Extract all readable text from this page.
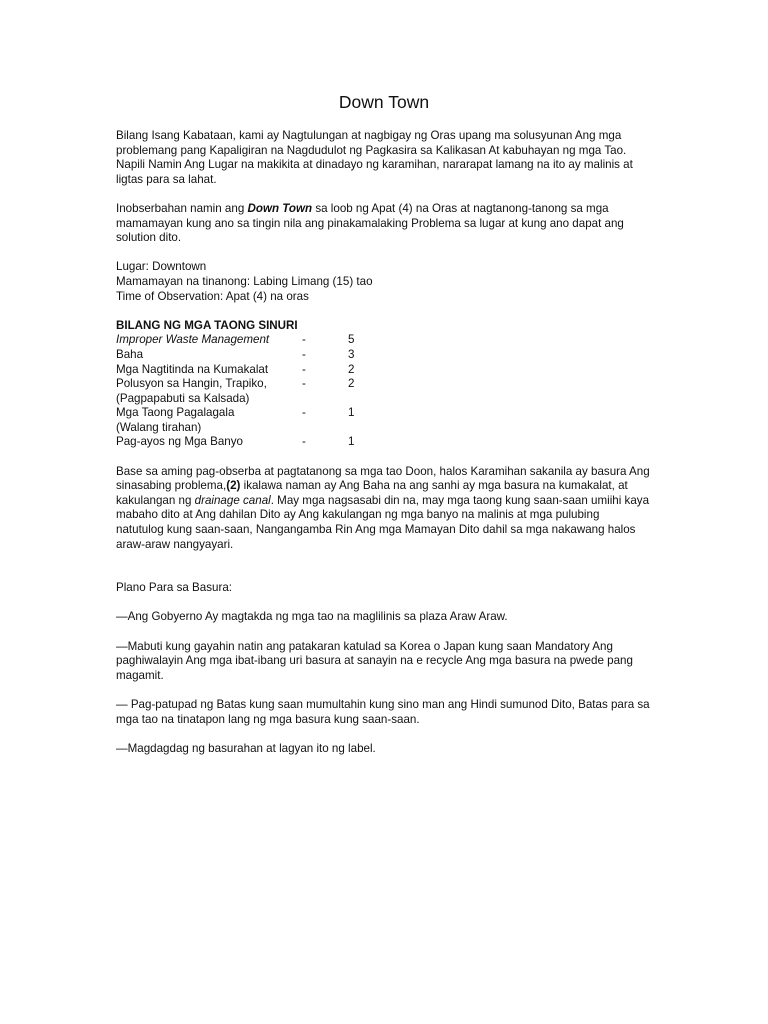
Down Town

Bilang Isang Kabataan, kami ay Nagtulungan at nagbigay ng Oras upang ma solusyunan Ang mga

problemang pang Kapaligiran na Nagdudulot ng Pagkasira sa Kalikasan At kabuhayan ng mga Tao.

Napili Namin Ang Lugar na makikita at dinadayo ng karamihan, nararapat lamang na ito ay malinis at

ligtas para sa lahat.

Inobserbahan namin ang Down Town sa loob ng Apat (4) na Oras at nagtanong-tanong sa mga

mamamayan kung ano sa tingin nila ang pinakamalaking Problema sa lugar at kung ano dapat ang

solution dito.

Lugar: Downtown

Mamamayan na tinanong: Labing Limang (15) tao

Time of Observation: Apat (4) na oras

BILANG NG MGA TAONG SINURI

Improper Waste Management	-	5
Baha	-	3
Mga Nagtitinda na Kumakalat	-	2
Polusyon sa Hangin, Trapiko,	-	2
(Pagpapabuti sa Kalsada)
Mga Taong Pagalagala	-	1
(Walang tirahan)
Pag-ayos ng Mga Banyo	-	1

Base sa aming pag-obserba at pagtatanong sa mga tao Doon, halos Karamihan sakanila ay basura Ang

sinasabing problema,(2) ikalawa naman ay Ang Baha na ang sanhi ay mga basura na kumakalat, at

kakulangan ng drainage canal. May mga nagsasabi din na, may mga taong kung saan-saan umiihi kaya

mabaho dito at Ang dahilan Dito ay Ang kakulangan ng mga banyo na malinis at mga pulubing

natutulog kung saan-saan, Nangangamba Rin Ang mga Mamayan Dito dahil sa mga nakawang halos

araw-araw nangyayari.

Plano Para sa Basura:

—Ang Gobyerno Ay magtakda ng mga tao na maglilinis sa plaza Araw Araw.

—Mabuti kung gayahin natin ang patakaran katulad sa Korea o Japan kung saan Mandatory Ang

paghiwalayin Ang mga ibat-ibang uri basura at sanayin na e recycle Ang mga basura na pwede pang

magamit.

— Pag-patupad ng Batas kung saan mumultahin kung sino man ang Hindi sumunod Dito, Batas para sa

mga tao na tinatapon lang ng mga basura kung saan-saan.

—Magdagdag ng basurahan at lagyan ito ng label.
